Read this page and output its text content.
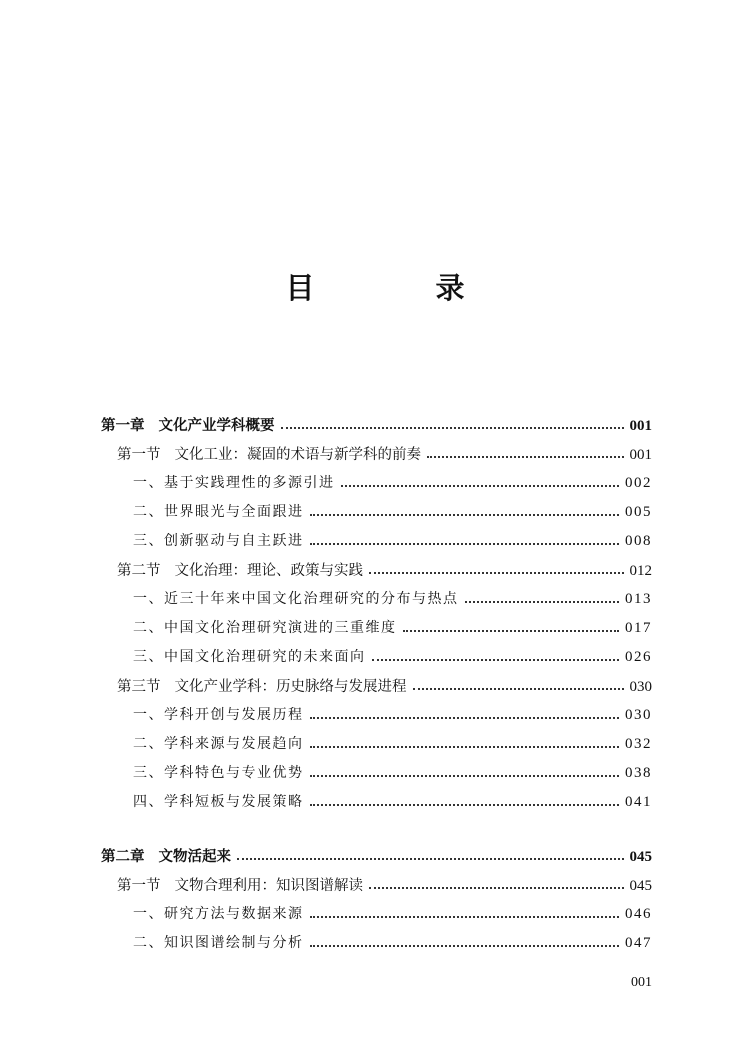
目　录
第一章 文化产业学科概要	001
第一节 文化工业：凝固的术语与新学科的前奏	001
一、基于实践理性的多源引进	002
二、世界眼光与全面跟进	005
三、创新驱动与自主跃进	008
第二节 文化治理：理论、政策与实践	012
一、近三十年来中国文化治理研究的分布与热点	013
二、中国文化治理研究演进的三重维度	017
三、中国文化治理研究的未来面向	026
第三节 文化产业学科：历史脉络与发展进程	030
一、学科开创与发展历程	030
二、学科来源与发展趋向	032
三、学科特色与专业优势	038
四、学科短板与发展策略	041
第二章 文物活起来	045
第一节 文物合理利用：知识图谱解读	045
一、研究方法与数据来源	046
二、知识图谱绘制与分析	047
001
